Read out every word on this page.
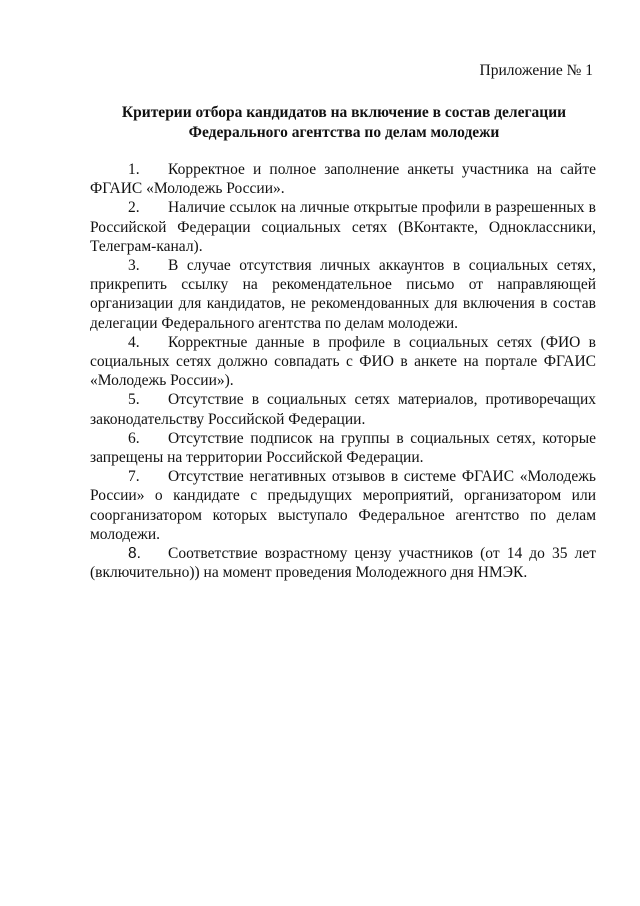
Приложение № 1
Критерии отбора кандидатов на включение в состав делегации
Федерального агентства по делам молодежи

1. Корректное и полное заполнение анкеты участника на сайте ФГАИС «Молодежь России».

2. Наличие ссылок на личные открытые профили в разрешенных в Российской Федерации социальных сетях (ВКонтакте, Одноклассники, Телеграм-канал).

3. В случае отсутствия личных аккаунтов в социальных сетях, прикрепить ссылку на рекомендательное письмо от направляющей организации для кандидатов, не рекомендованных для включения в состав делегации Федерального агентства по делам молодежи.

4. Корректные данные в профиле в социальных сетях (ФИО в социальных сетях должно совпадать с ФИО в анкете на портале ФГАИС «Молодежь России»).

5. Отсутствие в социальных сетях материалов, противоречащих законодательству Российской Федерации.

6. Отсутствие подписок на группы в социальных сетях, которые запрещены на территории Российской Федерации.

7. Отсутствие негативных отзывов в системе ФГАИС «Молодежь России» о кандидате с предыдущих мероприятий, организатором или соорганизатором которых выступало Федеральное агентство по делам молодежи.

8. Соответствие возрастному цензу участников (от 14 до 35 лет (включительно)) на момент проведения Молодежного дня НМЭК.
